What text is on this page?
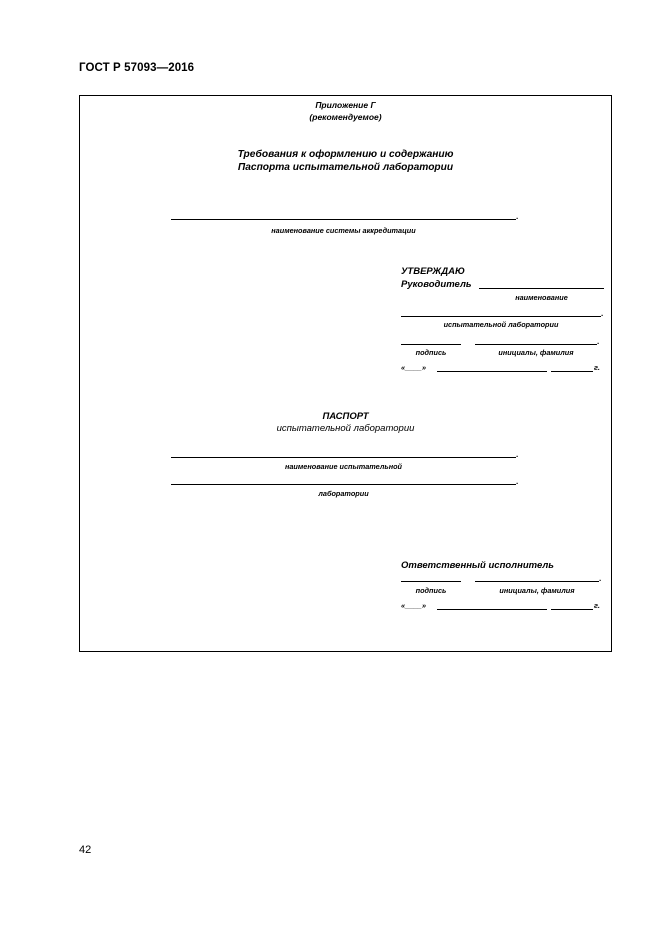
ГОСТ Р 57093—2016
Приложение Г
(рекомендуемое)
Требования к оформлению и содержанию
Паспорта испытательной лаборатории
.
наименование системы аккредитации
УТВЕРЖДАЮ
Руководитель
наименование
.
испытательной лаборатории
.
подпись	инициалы, фамилия
«____»	г.
ПАСПОРТ
испытательной лаборатории
.
наименование испытательной
.
лаборатории
Ответственный исполнитель
.
подпись	инициалы, фамилия
«____»	г.
42
